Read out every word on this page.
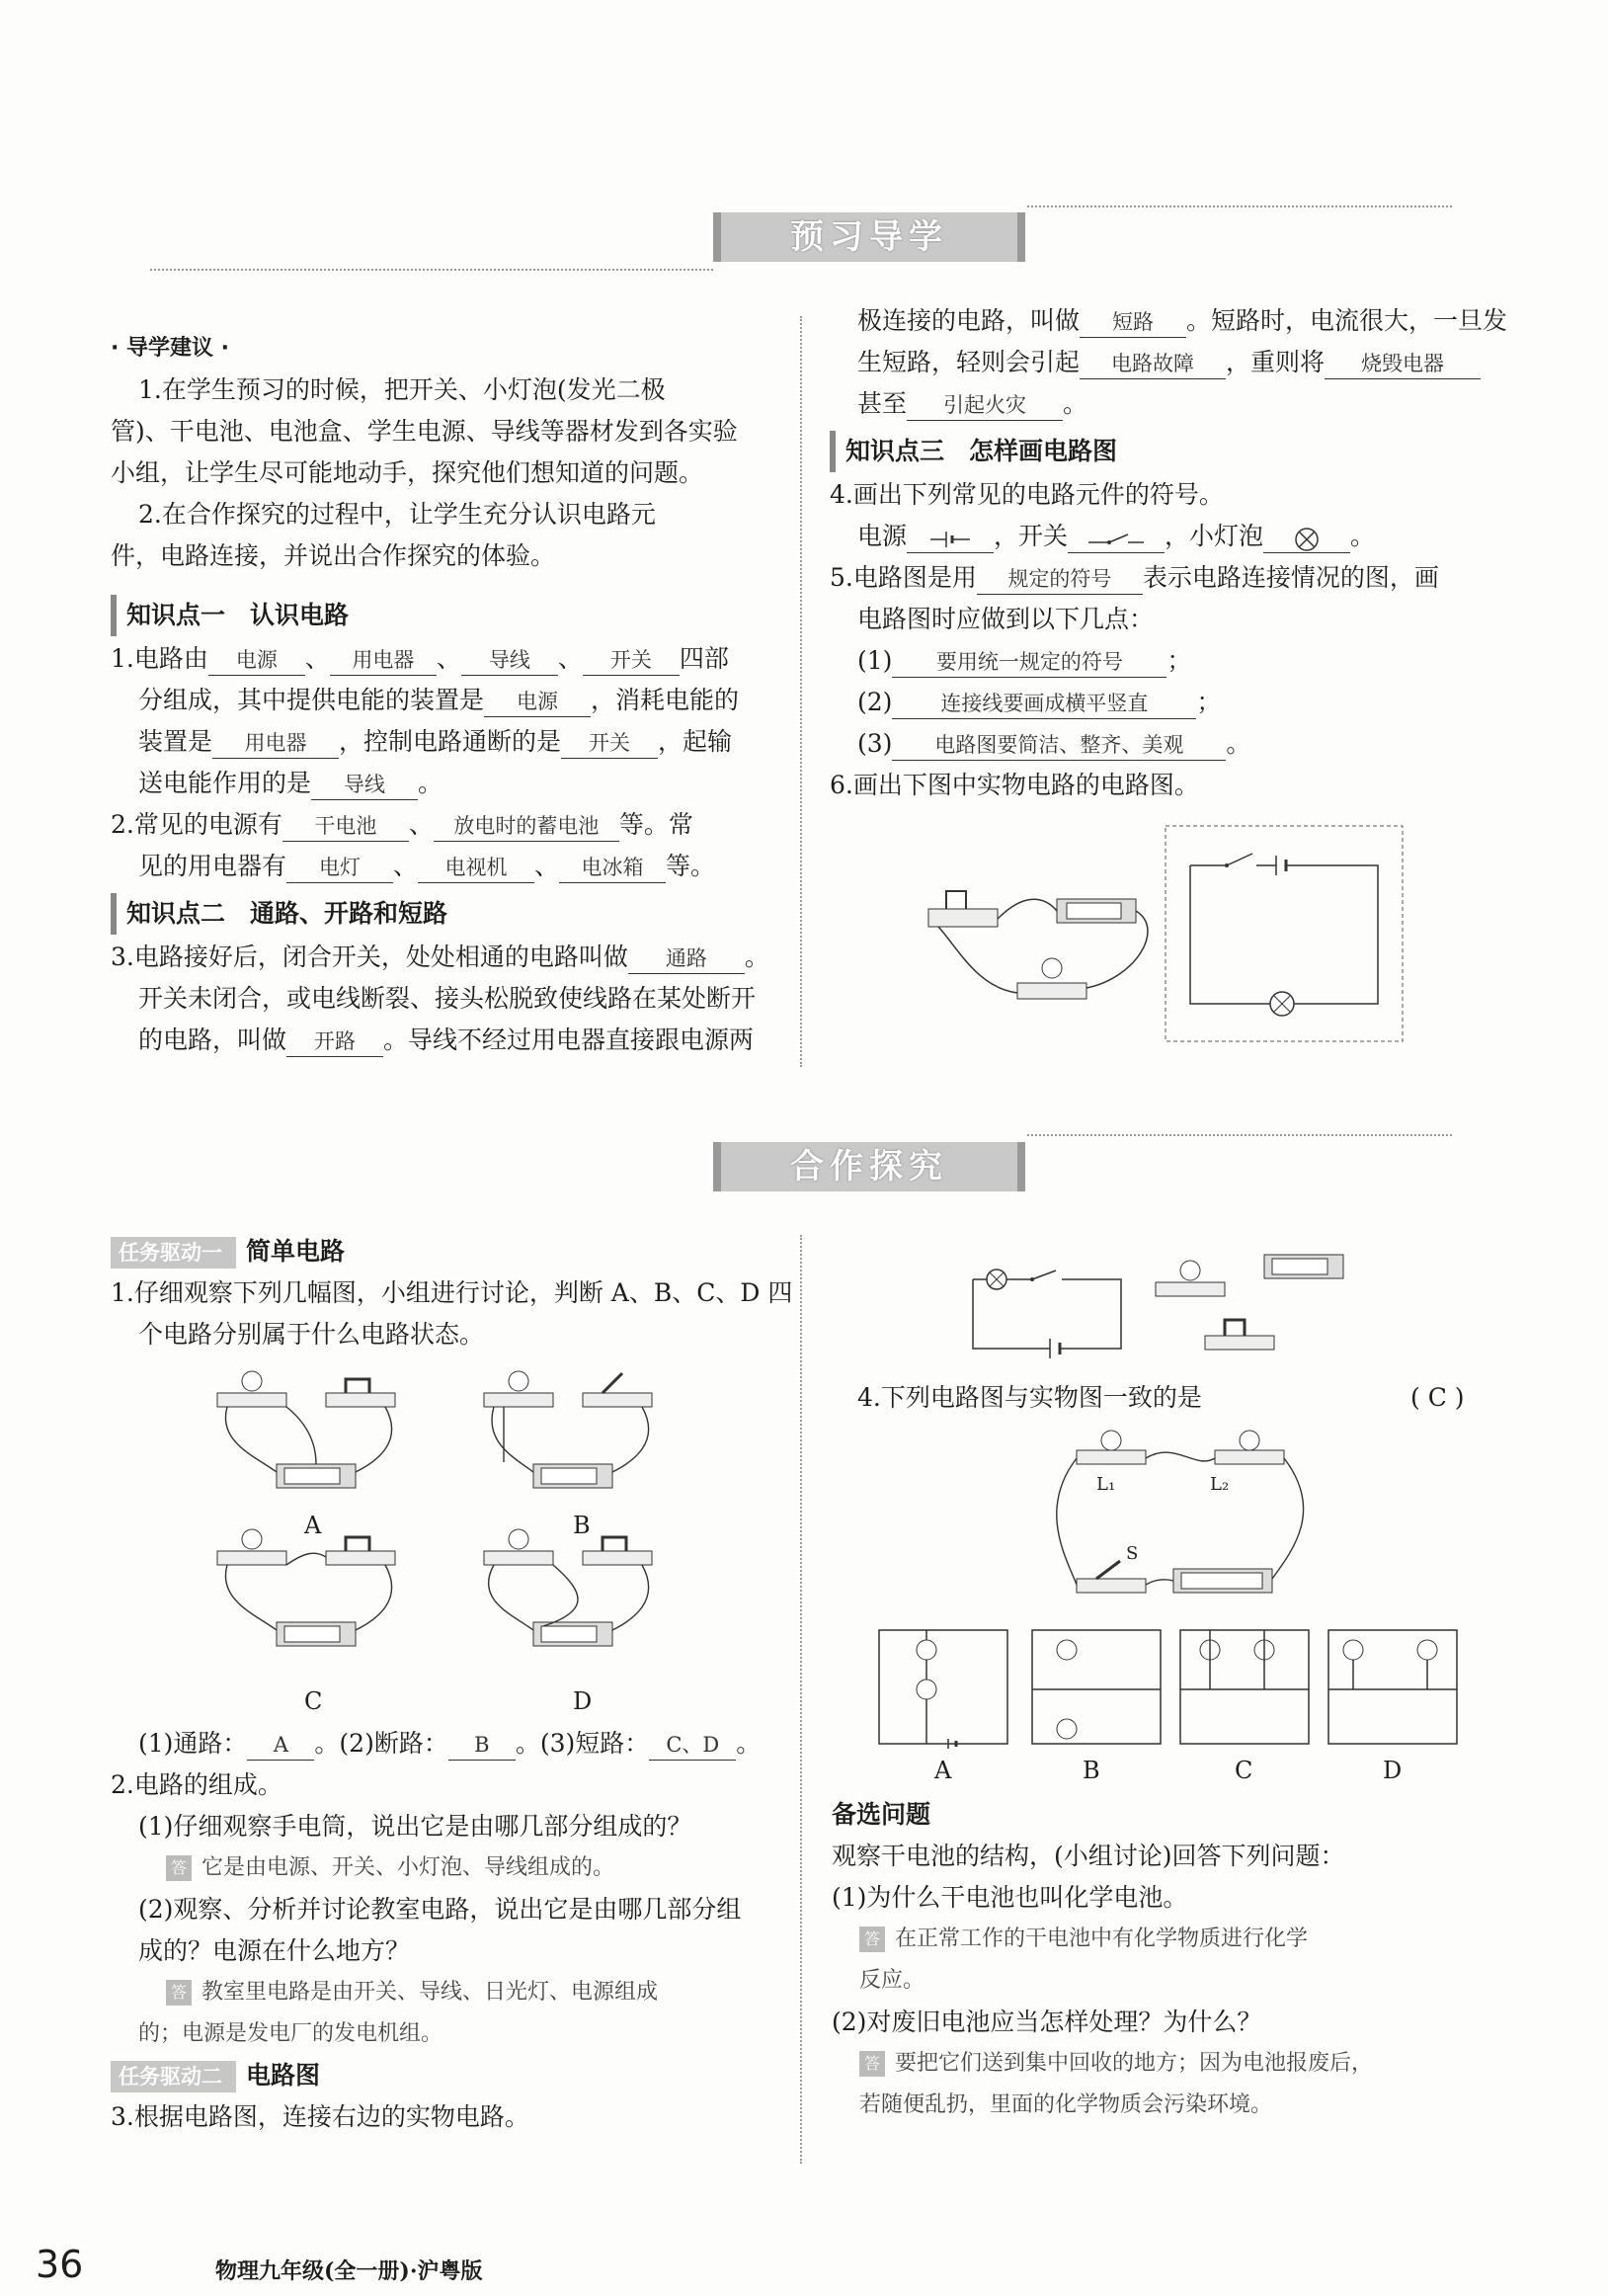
预习导学

· 导学建议 ·

1.在学生预习的时候，把开关、小灯泡(发光二极

管)、干电池、电池盒、学生电源、导线等器材发到各实验

小组，让学生尽可能地动手，探究他们想知道的问题。

2.在合作探究的过程中，让学生充分认识电路元

件，电路连接，并说出合作探究的体验。

知识点一　认识电路

1.电路由 电源 、 用电器 、 导线 、 开关 四部

分组成，其中提供电能的装置是 电源 ，消耗电能的

装置是 用电器 ，控制电路通断的是 开关 ，起输

送电能作用的是 导线 。

2.常见的电源有 干电池 、 放电时的蓄电池 等。常

见的用电器有 电灯 、 电视机 、 电冰箱 等。

知识点二　通路、开路和短路

3.电路接好后，闭合开关，处处相通的电路叫做 通路 。

开关未闭合，或电线断裂、接头松脱致使线路在某处断开

的电路，叫做 开路 。导线不经过用电器直接跟电源两

极连接的电路，叫做 短路 。短路时，电流很大，一旦发

生短路，轻则会引起 电路故障 ，重则将 烧毁电器

甚至 引起火灾 。

知识点三　怎样画电路图

4.画出下列常见的电路元件的符号。

电源	，开关	，小灯泡	。

5.电路图是用 规定的符号 表示电路连接情况的图，画

电路图时应做到以下几点：

(1) 要用统一规定的符号 ；

(2) 连接线要画成横平竖直 ；

(3) 电路图要简洁、整齐、美观 。

6.画出下图中实物电路的电路图。

合作探究

任务驱动一 简单电路

1.仔细观察下列几幅图，小组进行讨论，判断 A、B、C、D 四

个电路分别属于什么电路状态。

A	B
C	D

(1)通路： A 。(2)断路： B 。(3)短路： C、D 。

2.电路的组成。

(1)仔细观察手电筒，说出它是由哪几部分组成的？

答 它是由电源、开关、小灯泡、导线组成的。

(2)观察、分析并讨论教室电路，说出它是由哪几部分组

成的？电源在什么地方？

答 教室里电路是由开关、导线、日光灯、电源组成

的；电源是发电厂的发电机组。

任务驱动二 电路图

3.根据电路图，连接右边的实物电路。

4.下列电路图与实物图一致的是	( C )

L₁	L₂
S
A	B	C	D

备选问题

观察干电池的结构，(小组讨论)回答下列问题：

(1)为什么干电池也叫化学电池。

答 在正常工作的干电池中有化学物质进行化学

反应。

(2)对废旧电池应当怎样处理？为什么？

答 要把它们送到集中回收的地方；因为电池报废后，

若随便乱扔，里面的化学物质会污染环境。

36	物理九年级(全一册)·沪粤版
